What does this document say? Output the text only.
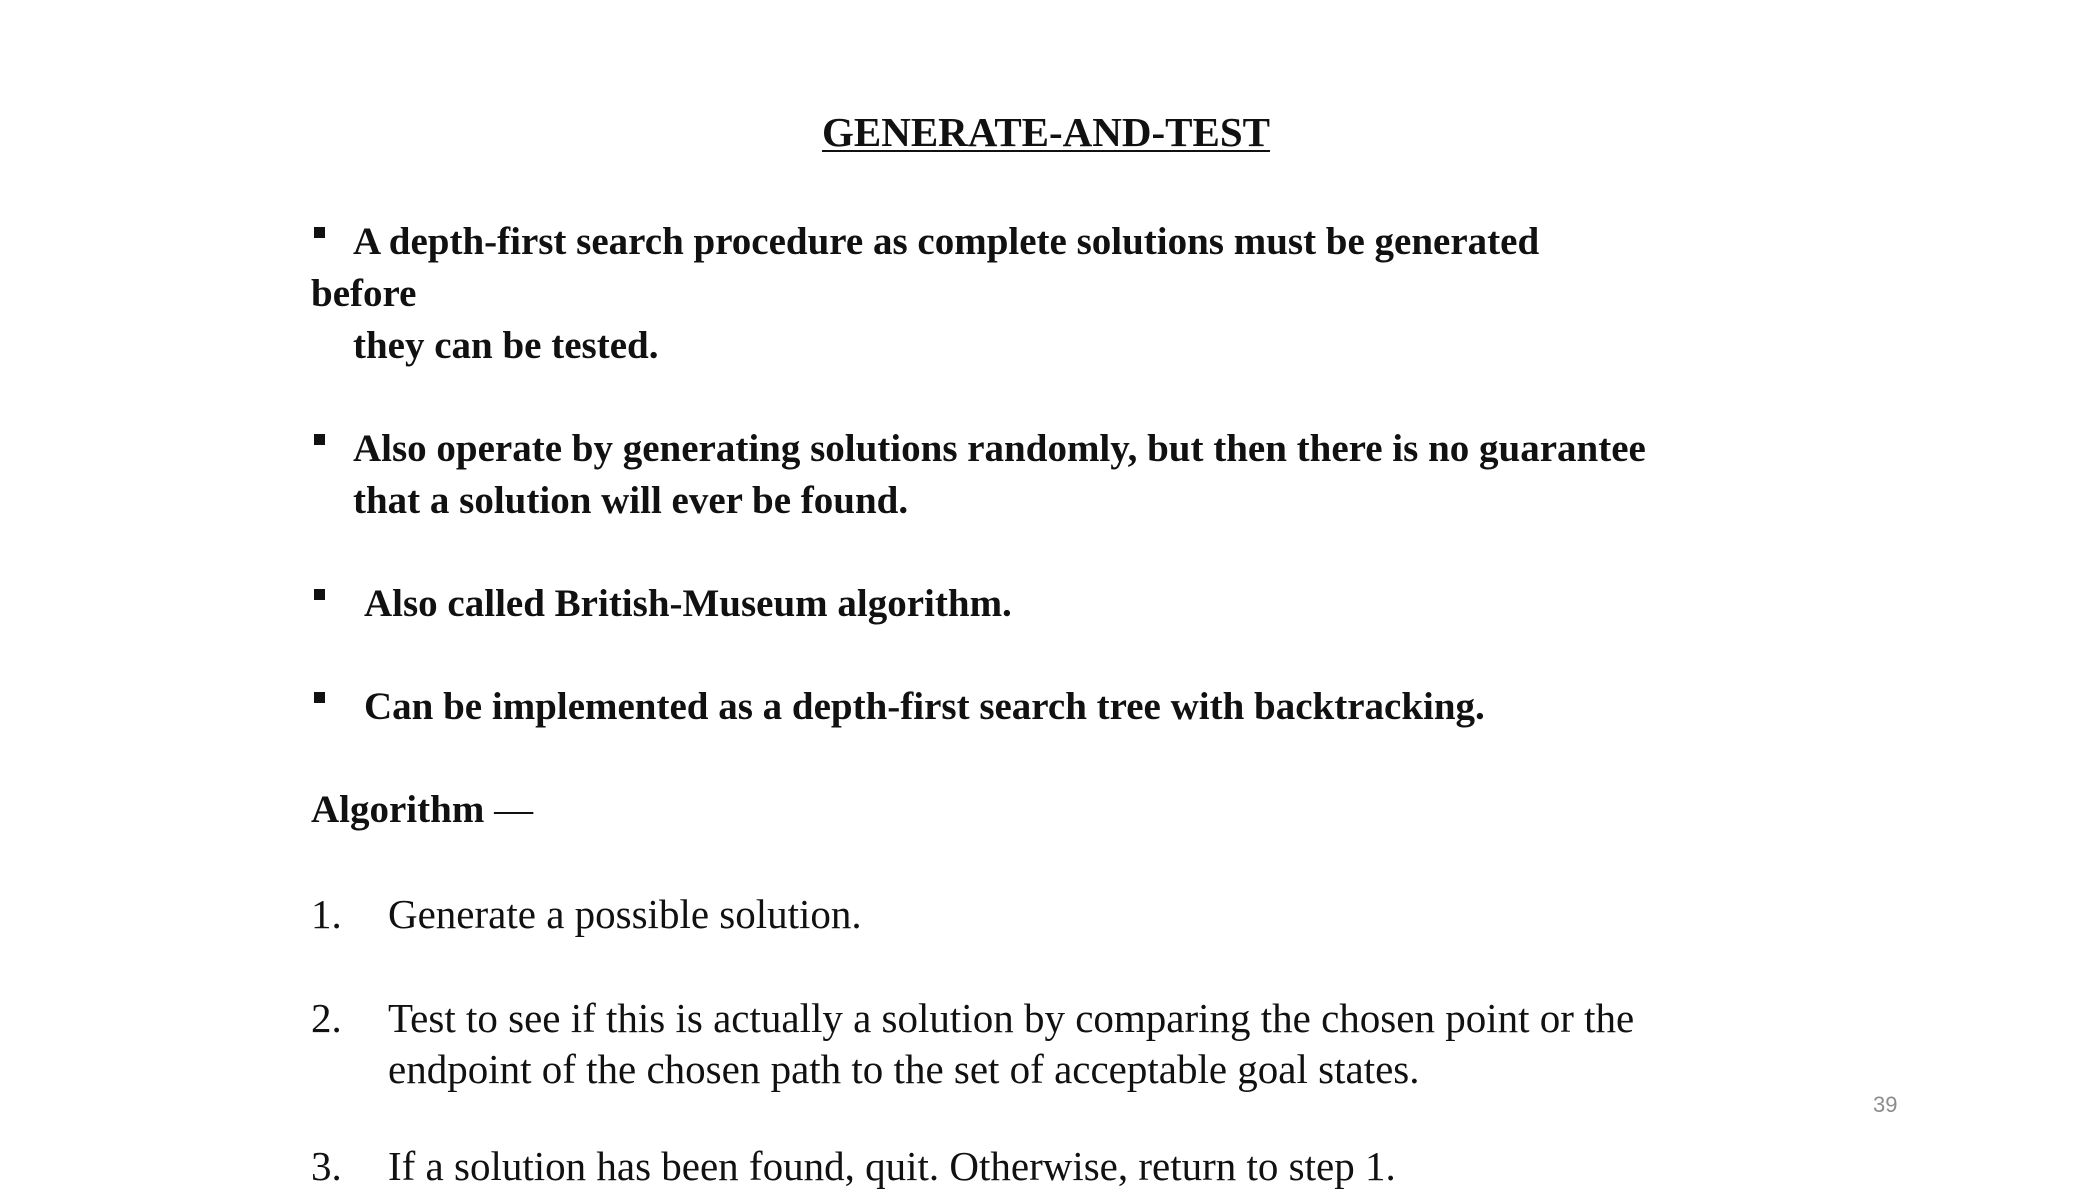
GENERATE-AND-TEST
A depth-first search procedure as complete solutions must be generated
before
they can be tested.
Also operate by generating solutions randomly, but then there is no guarantee
that a solution will ever be found.
Also called British-Museum algorithm.
Can be implemented as a depth-first search tree with backtracking.
Algorithm —
1. Generate a possible solution.
2. Test to see if this is actually a solution by comparing the chosen point or the
endpoint of the chosen path to the set of acceptable goal states.
3. If a solution has been found, quit. Otherwise, return to step 1.
39
